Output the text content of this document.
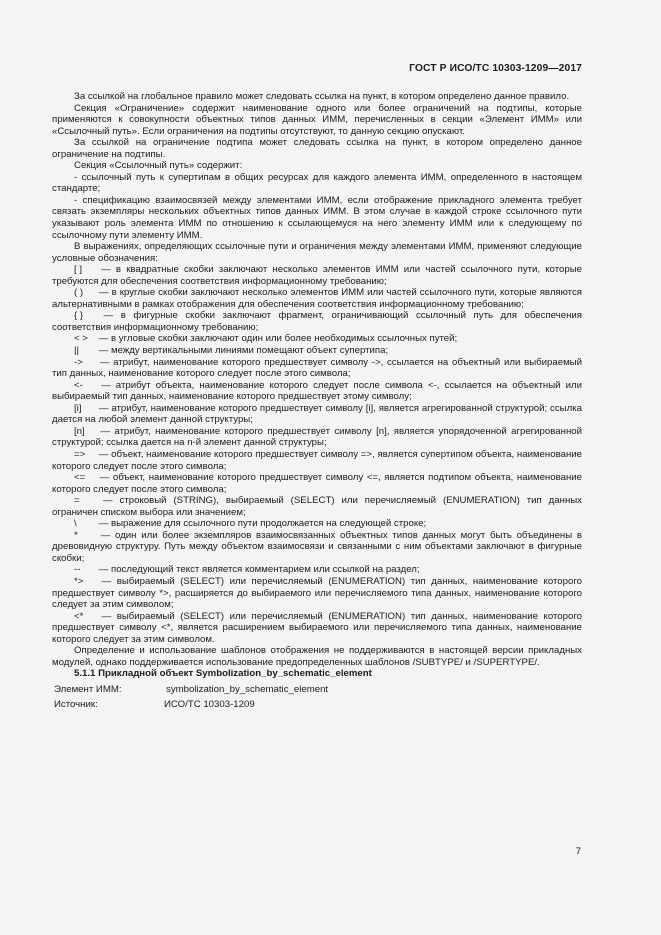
ГОСТ Р ИСО/ТС 10303-1209—2017

За ссылкой на глобальное правило может следовать ссылка на пункт, в котором определено данное правило.

Секция «Ограничение» содержит наименование одного или более ограничений на подтипы, которые применяются к совокупности объектных типов данных ИММ, перечисленных в секции «Элемент ИММ» или «Ссылочный путь». Если ограничения на подтипы отсутствуют, то данную секцию опускают.

За ссылкой на ограничение подтипа может следовать ссылка на пункт, в котором определено данное ограничение на подтипы.

Секция «Ссылочный путь» содержит:

- ссылочный путь к супертипам в общих ресурсах для каждого элемента ИММ, определенного в настоящем стандарте;

- спецификацию взаимосвязей между элементами ИММ, если отображение прикладного элемента требует связать экземпляры нескольких объектных типов данных ИММ. В этом случае в каждой строке ссылочного пути указывают роль элемента ИММ по отношению к ссылающемуся на него элементу ИММ или к следующему по ссылочному пути элементу ИММ.

В выражениях, определяющих ссылочные пути и ограничения между элементами ИММ, применяют следующие условные обозначения:

[ ] — в квадратные скобки заключают несколько элементов ИММ или частей ссылочного пути, которые требуются для обеспечения соответствия информационному требованию;

( ) — в круглые скобки заключают несколько элементов ИММ или частей ссылочного пути, которые являются альтернативными в рамках отображения для обеспечения соответствия информационному требованию;

{ } — в фигурные скобки заключают фрагмент, ограничивающий ссылочный путь для обеспечения соответствия информационному требованию;

< > — в угловые скобки заключают один или более необходимых ссылочных путей;

|| — между вертикальными линиями помещают объект супертипа;

-> — атрибут, наименование которого предшествует символу ->, ссылается на объектный или выбираемый тип данных, наименование которого следует после этого символа;

<- — атрибут объекта, наименование которого следует после символа <-, ссылается на объектный или выбираемый тип данных, наименование которого предшествует этому символу;

[i] — атрибут, наименование которого предшествует символу [i], является агрегированной структурой; ссылка дается на любой элемент данной структуры;

[n] — атрибут, наименование которого предшествует символу [n], является упорядоченной агрегированной структурой; ссылка дается на n-й элемент данной структуры;

=> — объект, наименование которого предшествует символу =>, является супертипом объекта, наименование которого следует после этого символа;

<= — объект, наименование которого предшествует символу <=, является подтипом объекта, наименование которого следует после этого символа;

= — строковый (STRING), выбираемый (SELECT) или перечисляемый (ENUMERATION) тип данных ограничен списком выбора или значением;

\ — выражение для ссылочного пути продолжается на следующей строке;

* — один или более экземпляров взаимосвязанных объектных типов данных могут быть объединены в древовидную структуру. Путь между объектом взаимосвязи и связанными с ним объектами заключают в фигурные скобки;

-- — последующий текст является комментарием или ссылкой на раздел;

*> — выбираемый (SELECT) или перечисляемый (ENUMERATION) тип данных, наименование которого предшествует символу *>, расширяется до выбираемого или перечисляемого типа данных, наименование которого следует за этим символом;

<* — выбираемый (SELECT) или перечисляемый (ENUMERATION) тип данных, наименование которого предшествует символу <*, является расширением выбираемого или перечисляемого типа данных, наименование которого следует за этим символом.

Определение и использование шаблонов отображения не поддерживаются в настоящей версии прикладных модулей, однако поддерживается использование предопределенных шаблонов /SUBTYPE/ и /SUPERTYPE/.

5.1.1 Прикладной объект Symbolization_by_schematic_element
Элемент ИММ:	symbolization_by_schematic_element
Источник:	ИСО/ТС 10303-1209
7
